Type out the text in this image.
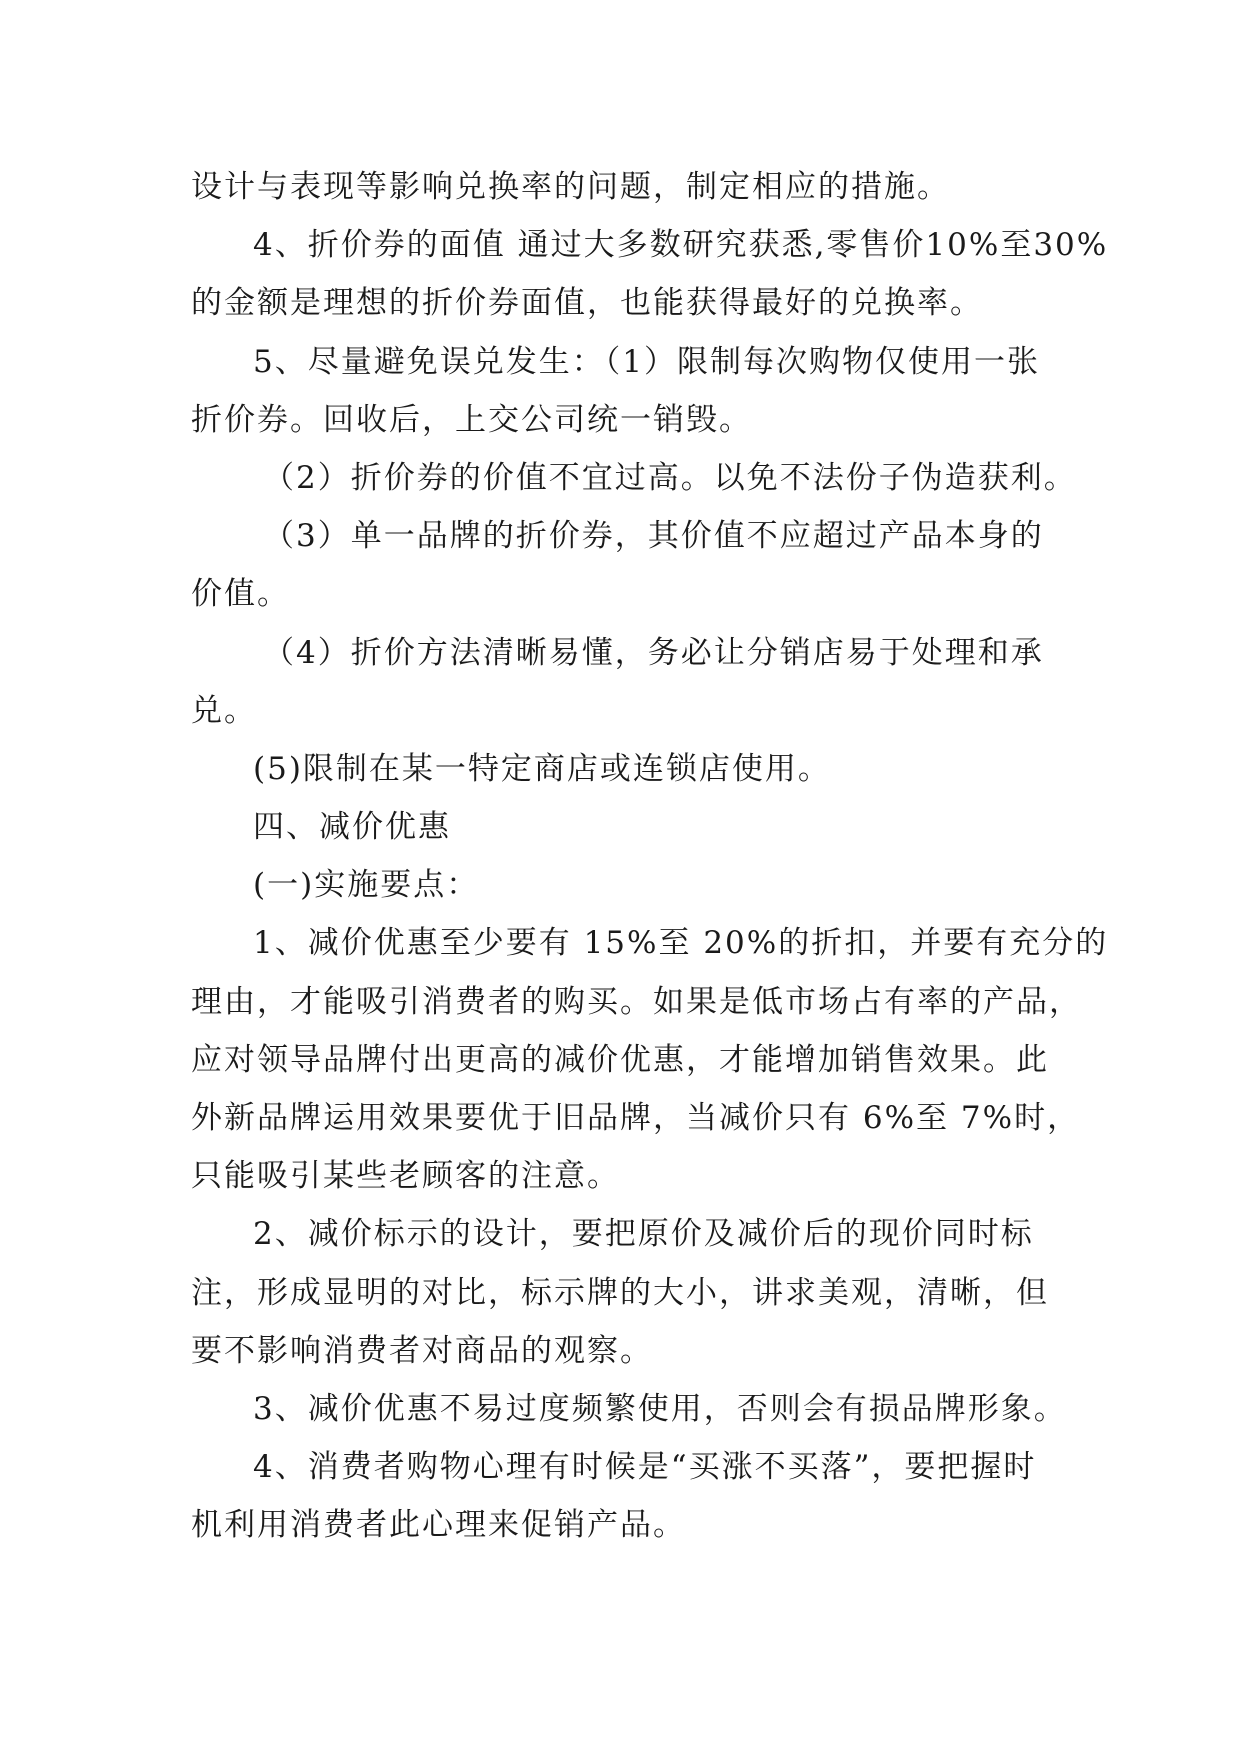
设计与表现等影响兑换率的问题，制定相应的措施。
4、折价券的面值 通过大多数研究获悉,零售价10%至30%
的金额是理想的折价券面值，也能获得最好的兑换率。
5、尽量避免误兑发生：（1）限制每次购物仅使用一张
折价券。回收后，上交公司统一销毁。
（2）折价券的价值不宜过高。以免不法份子伪造获利。
（3）单一品牌的折价券，其价值不应超过产品本身的
价值。
（4）折价方法清晰易懂，务必让分销店易于处理和承
兑。
(5)限制在某一特定商店或连锁店使用。
四、减价优惠
(一)实施要点：
1、减价优惠至少要有 15%至 20%的折扣，并要有充分的
理由，才能吸引消费者的购买。如果是低市场占有率的产品，
应对领导品牌付出更高的减价优惠，才能增加销售效果。此
外新品牌运用效果要优于旧品牌，当减价只有 6%至 7%时，
只能吸引某些老顾客的注意。
2、减价标示的设计，要把原价及减价后的现价同时标
注，形成显明的对比，标示牌的大小，讲求美观，清晰，但
要不影响消费者对商品的观察。
3、减价优惠不易过度频繁使用，否则会有损品牌形象。
4、消费者购物心理有时候是“买涨不买落”，要把握时
机利用消费者此心理来促销产品。
